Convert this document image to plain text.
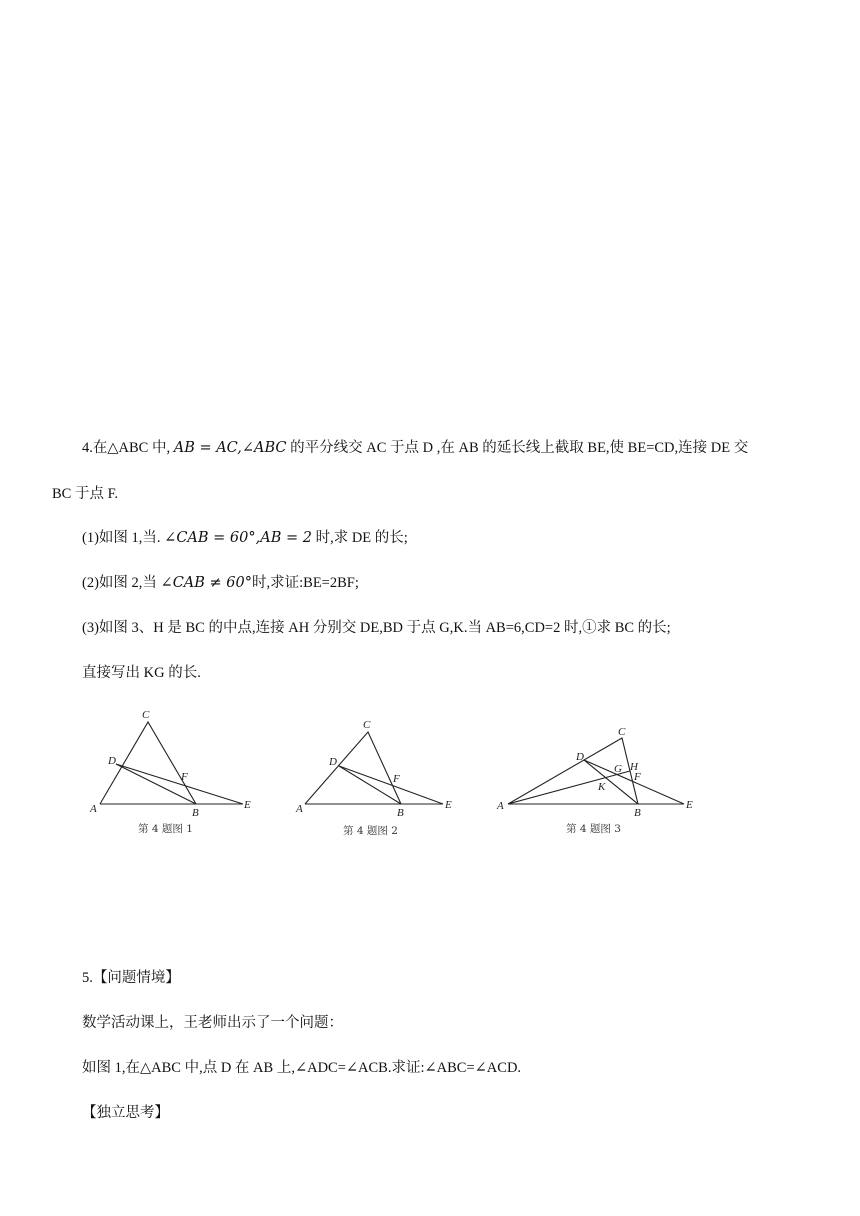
4.在△ABC 中, AB = AC,∠ABC 的平分线交 AC 于点 D ,在 AB 的延长线上截取 BE,使 BE=CD,连接 DE 交
BC 于点 F.
(1)如图 1,当. ∠CAB = 60°,AB = 2 时,求 DE 的长;
(2)如图 2,当 ∠CAB ≠ 60°时,求证:BE=2BF;
(3)如图 3、H 是 BC 的中点,连接 AH 分别交 DE,BD 于点 G,K.当 AB=6,CD=2 时,①求 BC 的长;
直接写出 KG 的长.
C
D
F
A	B
E
第 4 题图 1
C
D
F
A	B
E
第 4 题图 2
C
D
G H
F
K
A
B
E
第 4 题图 3
5.【问题情境】
数学活动课上，王老师出示了一个问题：
如图 1,在△ABC 中,点 D 在 AB 上,∠ADC=∠ACB.求证:∠ABC=∠ACD.
【独立思考】
